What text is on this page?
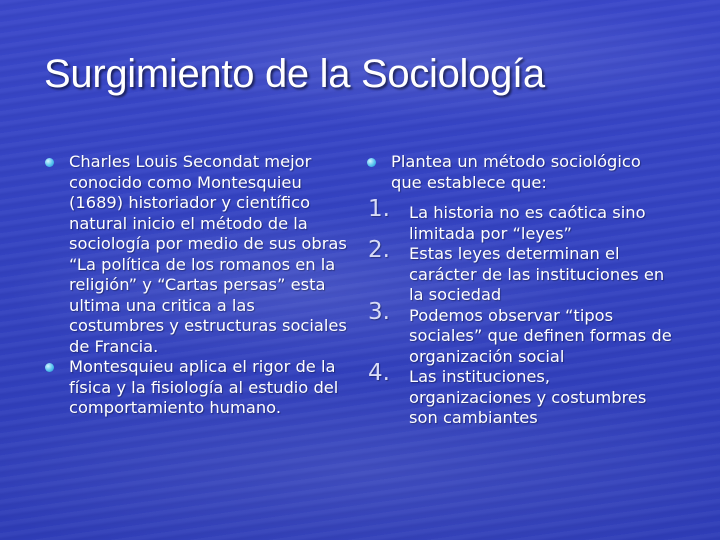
Surgimiento de la Sociología
Charles Louis Secondat mejor conocido como Montesquieu (1689) historiador y científico natural inicio el método de la sociología por medio de sus obras “La política de los romanos en la religión” y “Cartas persas” esta ultima una critica a las costumbres y estructuras sociales de Francia.
Montesquieu aplica el rigor de la física y la fisiología al estudio del comportamiento humano.
Plantea un método sociológico que establece que:
1. La historia no es caótica sino limitada por “leyes”
2. Estas leyes determinan el carácter de las instituciones en la sociedad
3. Podemos observar “tipos sociales” que definen formas de organización social
4. Las instituciones, organizaciones y costumbres son cambiantes
